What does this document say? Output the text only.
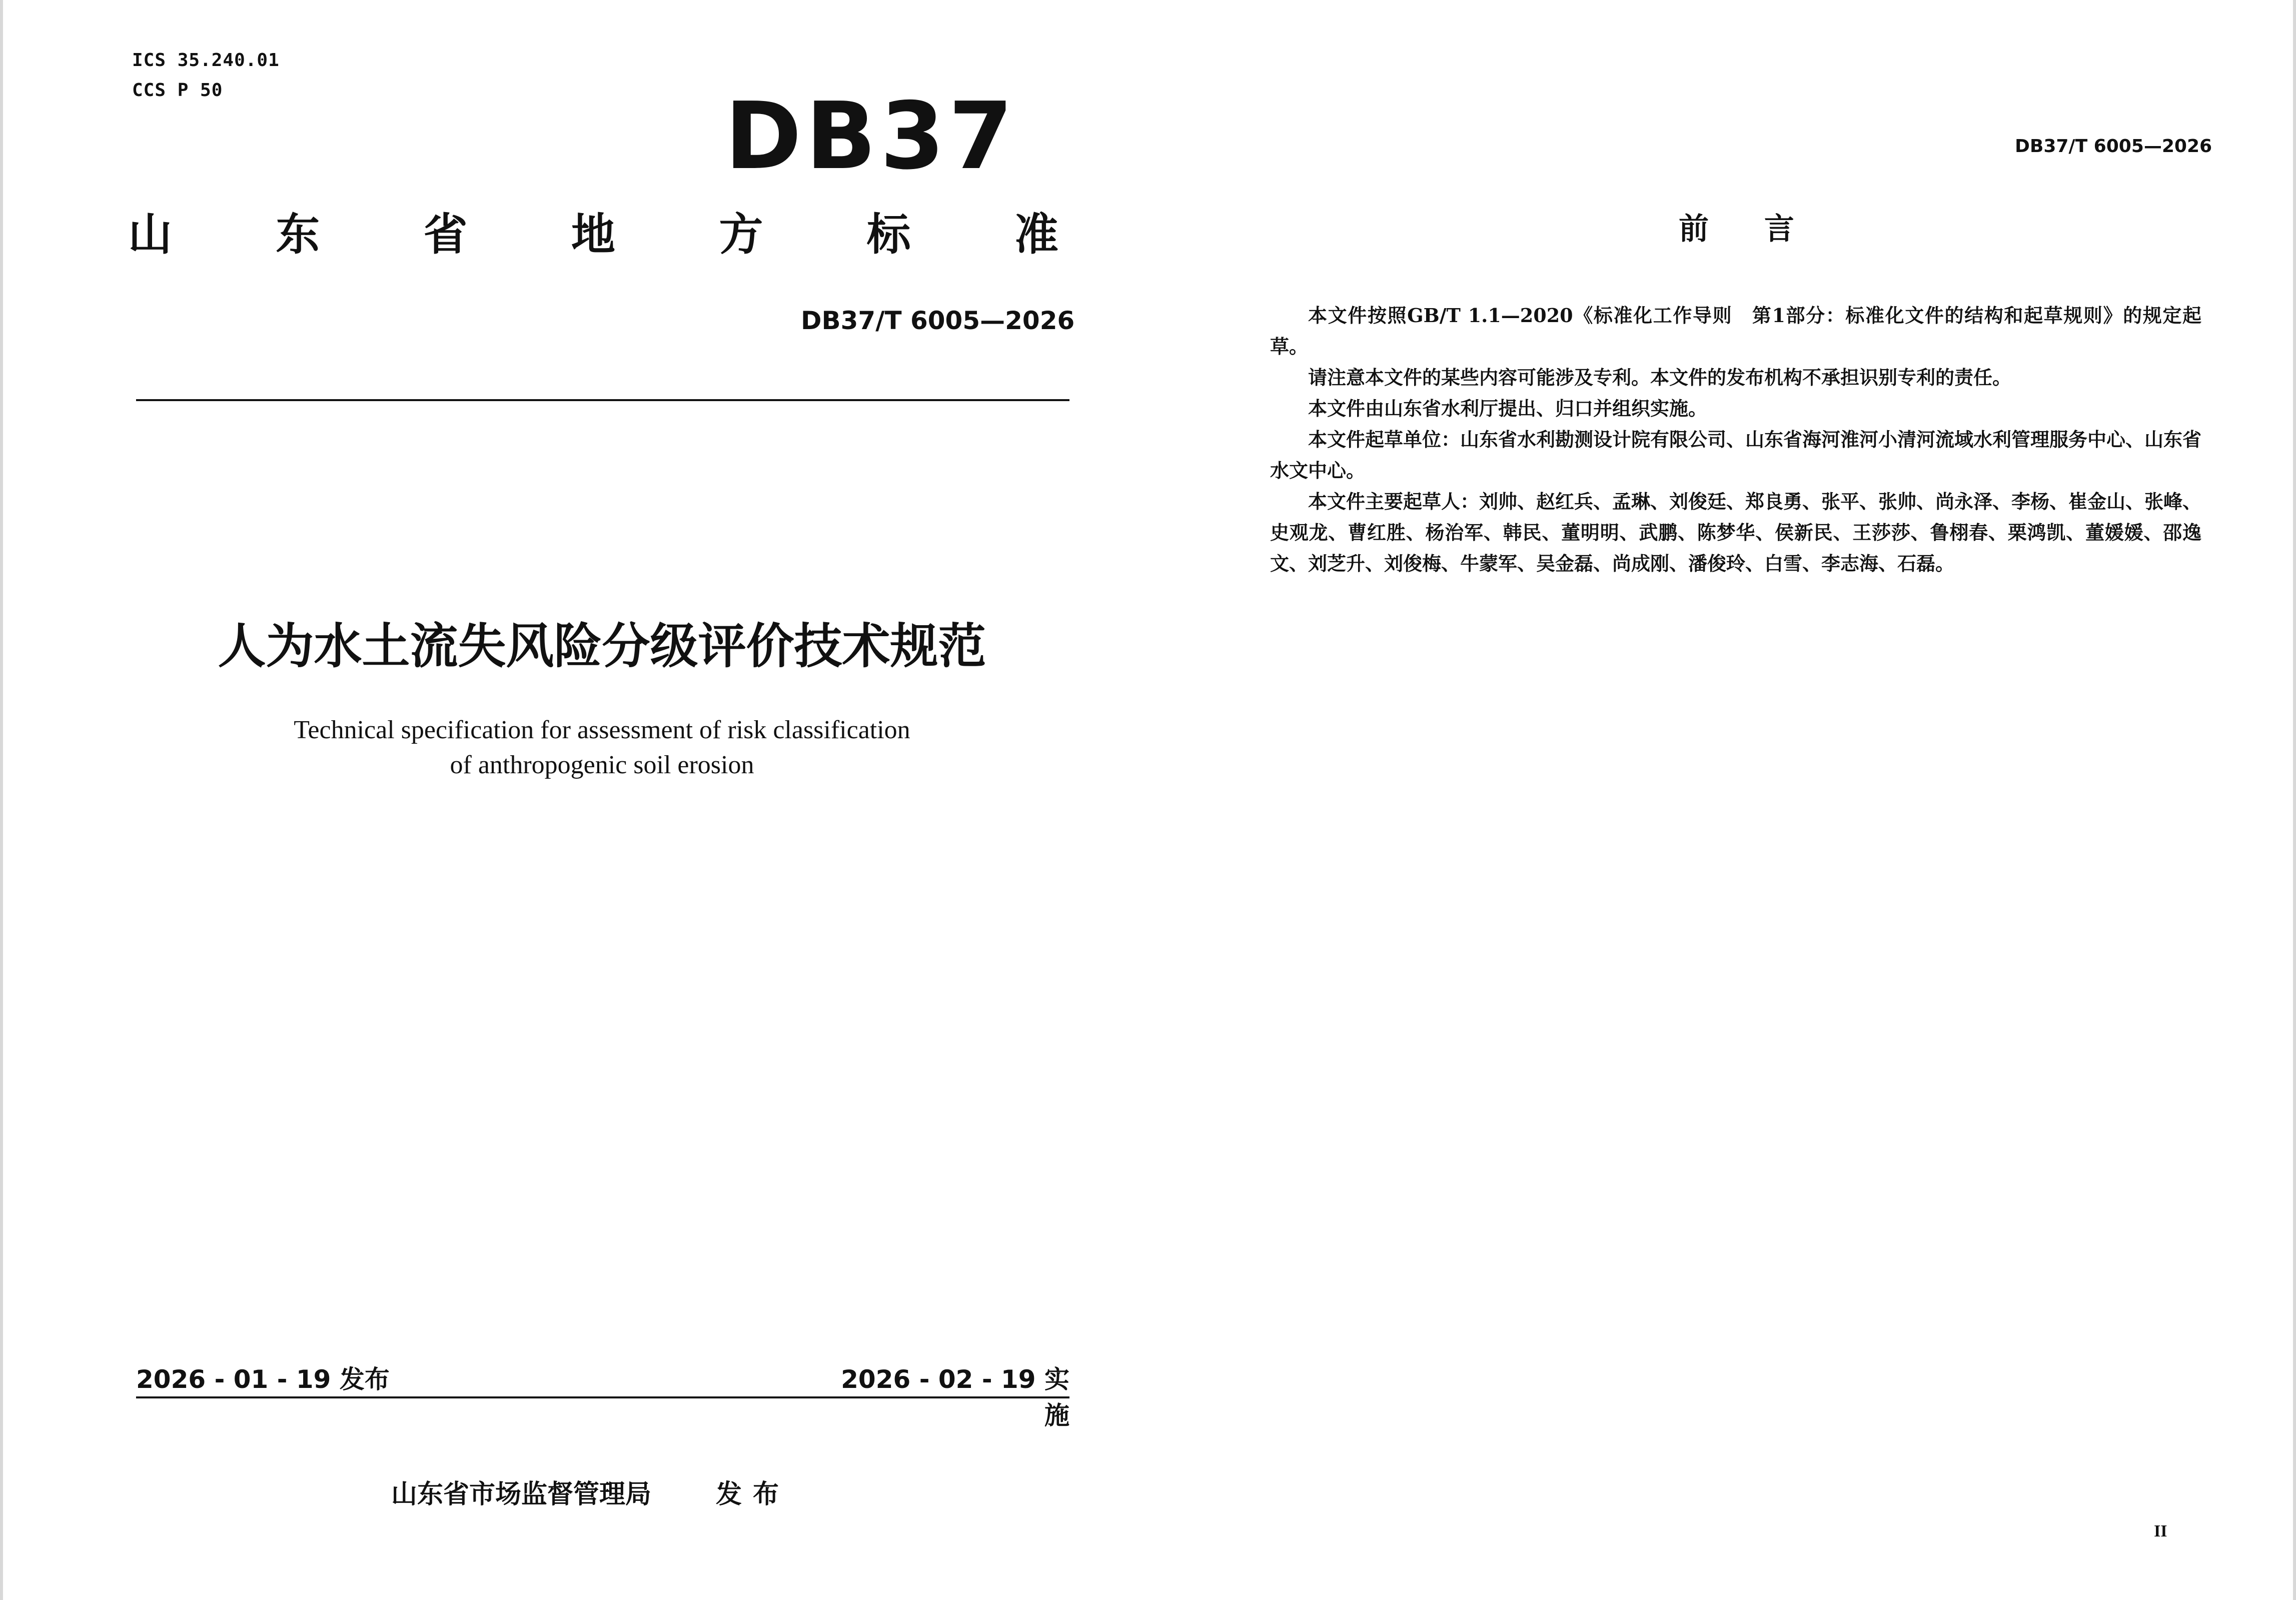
ICS 35.240.01
CCS P 50	DB37
山 东 省 地 方 标 准
DB37/T 6005—2026
人为水土流失风险分级评价技术规范
Technical specification for assessment of risk classification
of anthropogenic soil erosion
2026 - 01 - 19 发布	2026 - 02 - 19 实施
山东省市场监督管理局 发布
DB37/T 6005—2026
前 言

本文件按照GB/T 1.1—2020《标准化工作导则　第1部分：标准化文件的结构和起草规则》的规定起草。

请注意本文件的某些内容可能涉及专利。本文件的发布机构不承担识别专利的责任。

本文件由山东省水利厅提出、归口并组织实施。

本文件起草单位：山东省水利勘测设计院有限公司、山东省海河淮河小清河流域水利管理服务中心、山东省水文中心。

本文件主要起草人：刘帅、赵红兵、孟琳、刘俊廷、郑良勇、张平、张帅、尚永泽、李杨、崔金山、张峰、史观龙、曹红胜、杨治军、韩民、董明明、武鹏、陈梦华、侯新民、王莎莎、鲁栩春、栗鸿凯、董媛媛、邵逸文、刘芝升、刘俊梅、牛蒙军、吴金磊、尚成刚、潘俊玲、白雪、李志海、石磊。

II
